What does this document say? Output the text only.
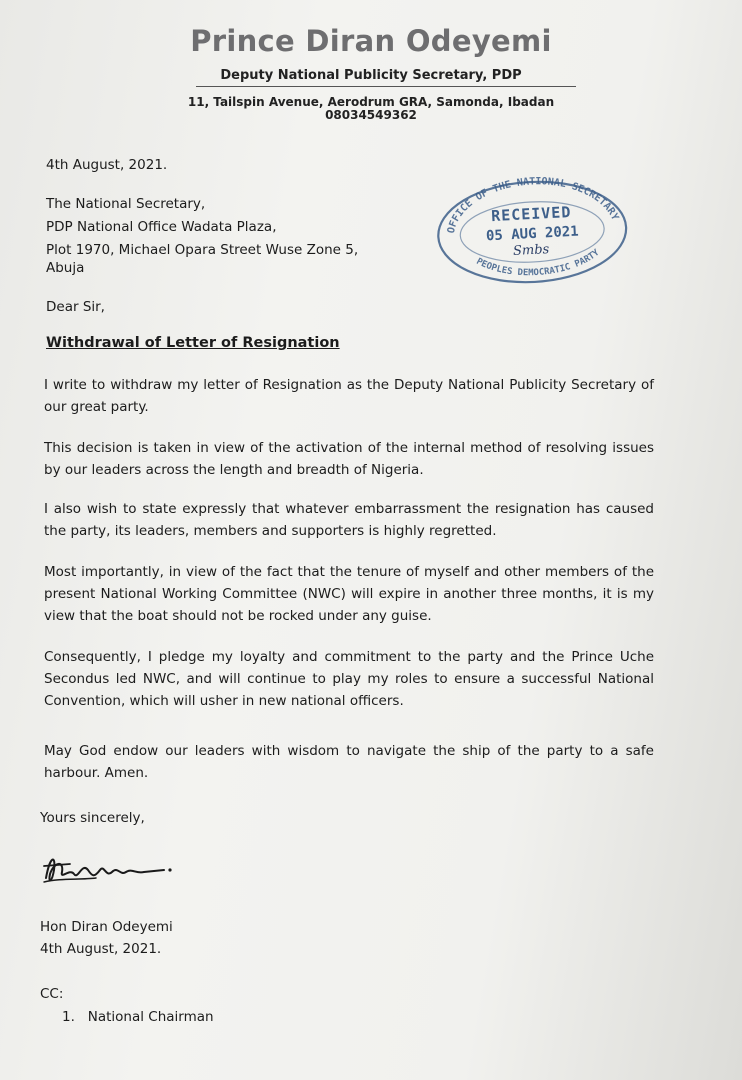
Prince Diran Odeyemi
Deputy National Publicity Secretary, PDP
11, Tailspin Avenue, Aerodrum GRA, Samonda, Ibadan
08034549362
4th August, 2021.
The National Secretary,
PDP National Office Wadata Plaza,
Plot 1970, Michael Opara Street Wuse Zone 5,
Abuja
OFFICE OF THE NATIONAL SECRETARY
RECEIVED
05 AUG 2021
Smbs
PEOPLES DEMOCRATIC PARTY
Dear Sir,
Withdrawal of Letter of Resignation
I write to withdraw my letter of Resignation as the Deputy National Publicity Secretary of our great party.
This decision is taken in view of the activation of the internal method of resolving issues by our leaders across the length and breadth of Nigeria.
I also wish to state expressly that whatever embarrassment the resignation has caused the party, its leaders, members and supporters is highly regretted.
Most importantly, in view of the fact that the tenure of myself and other members of the present National Working Committee (NWC) will expire in another three months, it is my view that the boat should not be rocked under any guise.
Consequently, I pledge my loyalty and commitment to the party and the Prince Uche Secondus led NWC, and will continue to play my roles to ensure a successful National Convention, which will usher in new national officers.
May God endow our leaders with wisdom to navigate the ship of the party to a safe harbour. Amen.
Yours sincerely,
Hon Diran Odeyemi
4th August, 2021.
CC:
1.   National Chairman
